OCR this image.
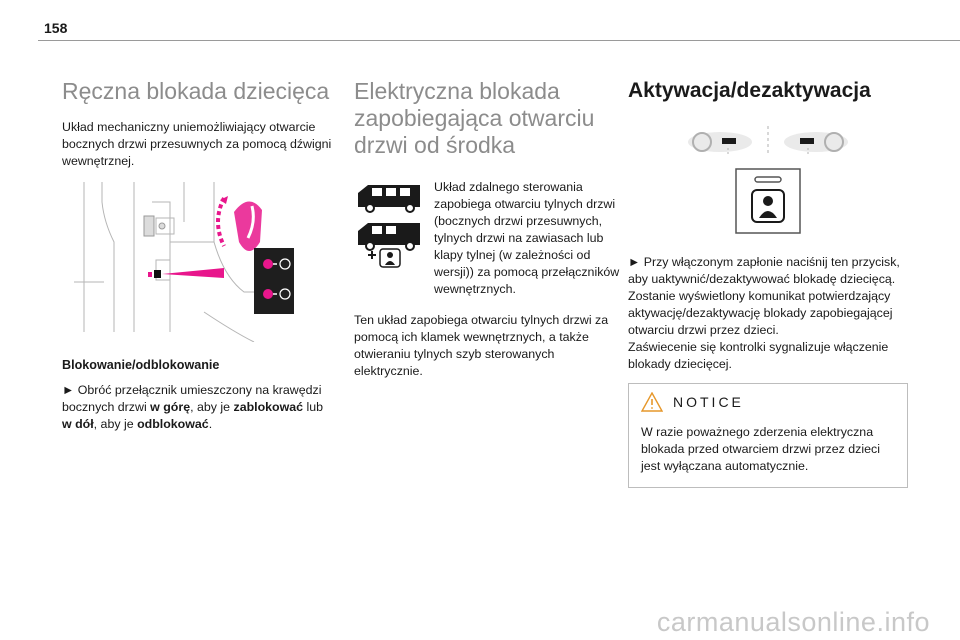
158
Ręczna blokada dziecięca

Układ mechaniczny uniemożliwiający otwarcie bocznych drzwi przesuwnych za pomocą dźwigni wewnętrznej.

Blokowanie/odblokowanie

► Obróć przełącznik umieszczony na krawędzi bocznych drzwi w górę, aby je zablokować lub w dół, aby je odblokować.

Elektryczna blokada zapobiegająca otwarciu drzwi od środka

Układ zdalnego sterowania zapobiega otwarciu tylnych drzwi (bocznych drzwi przesuwnych, tylnych drzwi na zawiasach lub klapy tylnej (w zależności od wersji)) za pomocą przełączników wewnętrznych.

Ten układ zapobiega otwarciu tylnych drzwi za pomocą ich klamek wewnętrznych, a także otwieraniu tylnych szyb sterowanych elektrycznie.

Aktywacja/dezaktywacja

► Przy włączonym zapłonie naciśnij ten przycisk, aby uaktywnić/dezaktywować blokadę dziecięcą.

Zostanie wyświetlony komunikat potwierdzający aktywację/dezaktywację blokady zapobiegającej otwarciu drzwi przez dzieci.

Zaświecenie się kontrolki sygnalizuje włączenie blokady dziecięcej.

NOTICE

W razie poważnego zderzenia elektryczna blokada przed otwarciem drzwi przez dzieci jest wyłączana automatycznie.

carmanualsonline.info
